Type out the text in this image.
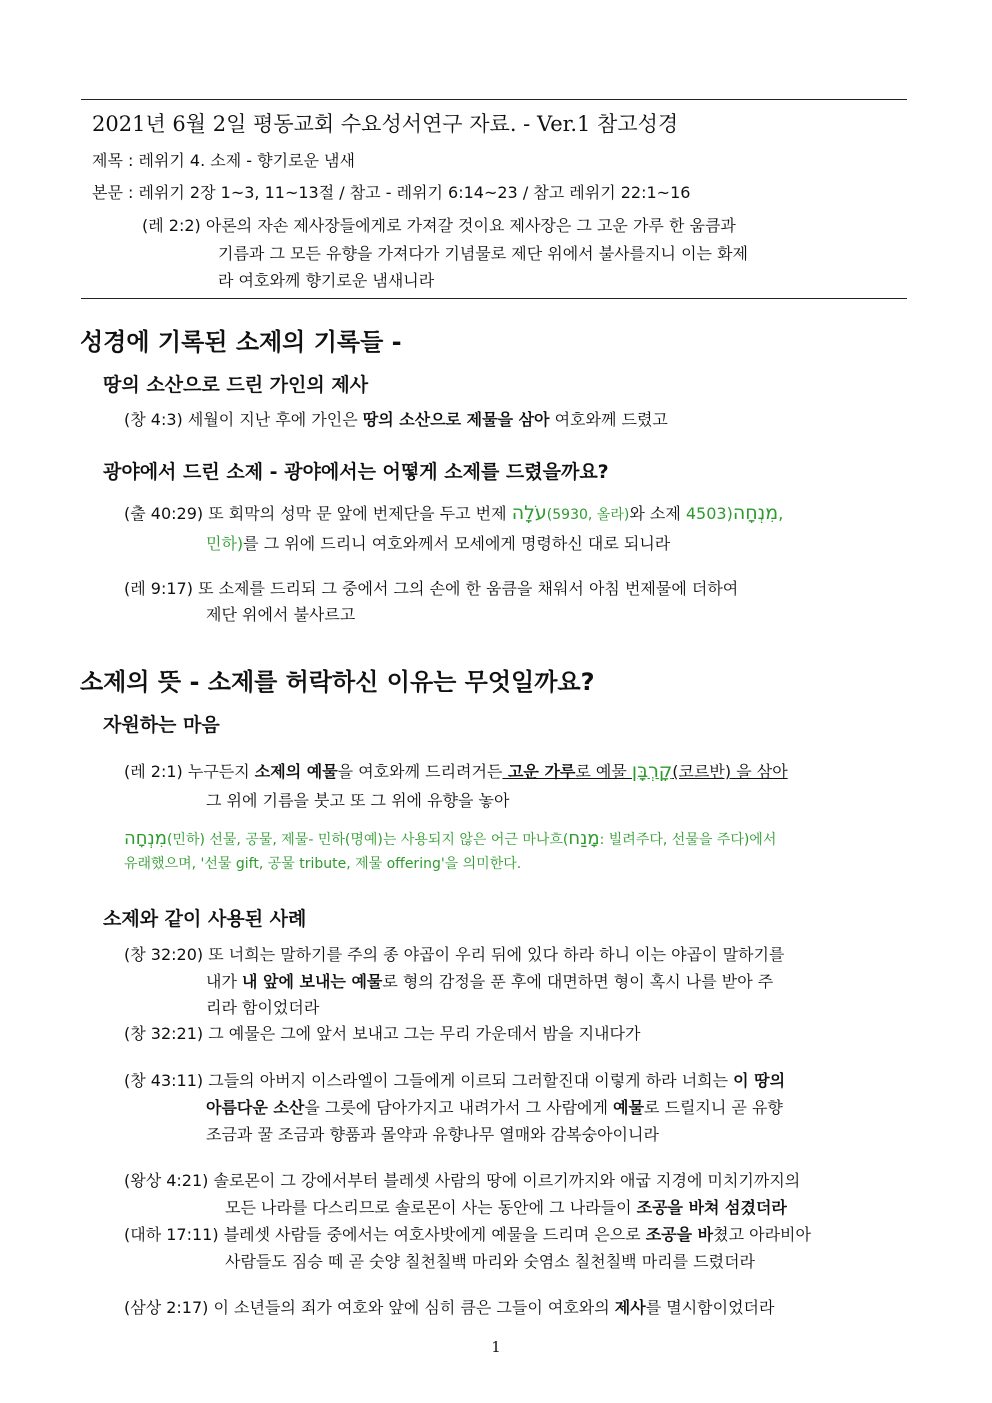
2021년 6월 2일 평동교회 수요성서연구 자료. - Ver.1 참고성경
제목 : 레위기 4. 소제 - 향기로운 냄새
본문 : 레위기 2장 1~3, 11~13절 / 참고 - 레위기 6:14~23 / 참고 레위기 22:1~16
(레 2:2) 아론의 자손 제사장들에게로 가져갈 것이요 제사장은 그 고운 가루 한 움큼과
기름과 그 모든 유향을 가져다가 기념물로 제단 위에서 불사를지니 이는 화제
라 여호와께 향기로운 냄새니라
성경에 기록된 소제의 기록들 -
땅의 소산으로 드린 가인의 제사
(창 4:3) 세월이 지난 후에 가인은 땅의 소산으로 제물을 삼아 여호와께 드렸고
광야에서 드린 소제 - 광야에서는 어떻게 소제를 드렸을까요?
(출 40:29) 또 회막의 성막 문 앞에 번제단을 두고 번제 עֹלָה(5930, 올라)와 소제 מִנְחָה(4503,
민하)를 그 위에 드리니 여호와께서 모세에게 명령하신 대로 되니라
(레 9:17) 또 소제를 드리되 그 중에서 그의 손에 한 움큼을 채워서 아침 번제물에 더하여
제단 위에서 불사르고
소제의 뜻 - 소제를 허락하신 이유는 무엇일까요?
자원하는 마음
(레 2:1) 누구든지 소제의 예물을 여호와께 드리려거든 고운 가루로 예물 קָרְבָּן(코르반) 을 삼아
그 위에 기름을 붓고 또 그 위에 유향을 놓아
מִנְחָה(민하) 선물, 공물, 제물- 민하(명예)는 사용되지 않은 어근 마나흐(מָנַח: 빌려주다, 선물을 주다)에서
유래했으며, '선물 gift, 공물 tribute, 제물 offering'을 의미한다.
소제와 같이 사용된 사례
(창 32:20) 또 너희는 말하기를 주의 종 야곱이 우리 뒤에 있다 하라 하니 이는 야곱이 말하기를
내가 내 앞에 보내는 예물로 형의 감정을 푼 후에 대면하면 형이 혹시 나를 받아 주
리라 함이었더라
(창 32:21) 그 예물은 그에 앞서 보내고 그는 무리 가운데서 밤을 지내다가
(창 43:11) 그들의 아버지 이스라엘이 그들에게 이르되 그러할진대 이렇게 하라 너희는 이 땅의
아름다운 소산을 그릇에 담아가지고 내려가서 그 사람에게 예물로 드릴지니 곧 유향
조금과 꿀 조금과 향품과 몰약과 유향나무 열매와 감복숭아이니라
(왕상 4:21) 솔로몬이 그 강에서부터 블레셋 사람의 땅에 이르기까지와 애굽 지경에 미치기까지의
모든 나라를 다스리므로 솔로몬이 사는 동안에 그 나라들이 조공을 바쳐 섬겼더라
(대하 17:11) 블레셋 사람들 중에서는 여호사밧에게 예물을 드리며 은으로 조공을 바쳤고 아라비아
사람들도 짐승 떼 곧 숫양 칠천칠백 마리와 숫염소 칠천칠백 마리를 드렸더라
(삼상 2:17) 이 소년들의 죄가 여호와 앞에 심히 큼은 그들이 여호와의 제사를 멸시함이었더라
1
